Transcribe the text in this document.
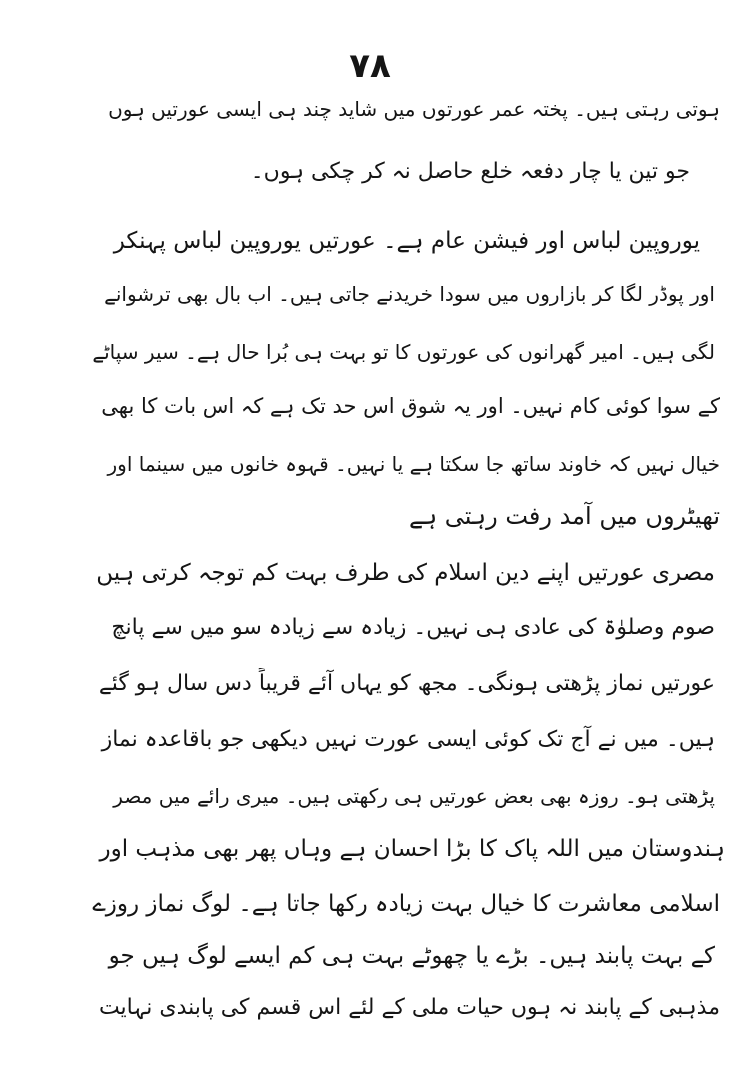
۷۸
ہوتی رہتی ہیں۔ پختہ عمر عورتوں میں شاید چند ہی ایسی عورتیں ہوں
جو تین یا چار دفعہ خلع حاصل نہ کر چکی ہوں۔
یوروپین لباس اور فیشن عام ہے۔ عورتیں یوروپین لباس پہنکر
اور پوڈر لگا کر بازاروں میں سودا خریدنے جاتی ہیں۔ اب بال بھی ترشوانے
لگی ہیں۔ امیر گھرانوں کی عورتوں کا تو بہت ہی بُرا حال ہے۔ سیر سپاٹے
کے سوا کوئی کام نہیں۔ اور یہ شوق اس حد تک ہے کہ اس بات کا بھی
خیال نہیں کہ خاوند ساتھ جا سکتا ہے یا نہیں۔ قہوہ خانوں میں سینما اور
تھیٹروں میں آمد رفت رہتی ہے
مصری عورتیں اپنے دین اسلام کی طرف بہت کم توجہ کرتی ہیں
صوم وصلوٰۃ کی عادی ہی نہیں۔ زیادہ سے زیادہ سو میں سے پانچ
عورتیں نماز پڑھتی ہونگی۔ مجھ کو یہاں آئے قریباً دس سال ہو گئے
ہیں۔ میں نے آج تک کوئی ایسی عورت نہیں دیکھی جو باقاعدہ نماز
پڑھتی ہو۔ روزہ بھی بعض عورتیں ہی رکھتی ہیں۔ میری رائے میں مصر
ہندوستان میں اللہ پاک کا بڑا احسان ہے وہاں پھر بھی مذہب اور
اسلامی معاشرت کا خیال بہت زیادہ رکھا جاتا ہے۔ لوگ نماز روزے
کے بہت پابند ہیں۔ بڑے یا چھوٹے بہت ہی کم ایسے لوگ ہیں جو
مذہبی کے پابند نہ ہوں حیات ملی کے لئے اس قسم کی پابندی نہایت
